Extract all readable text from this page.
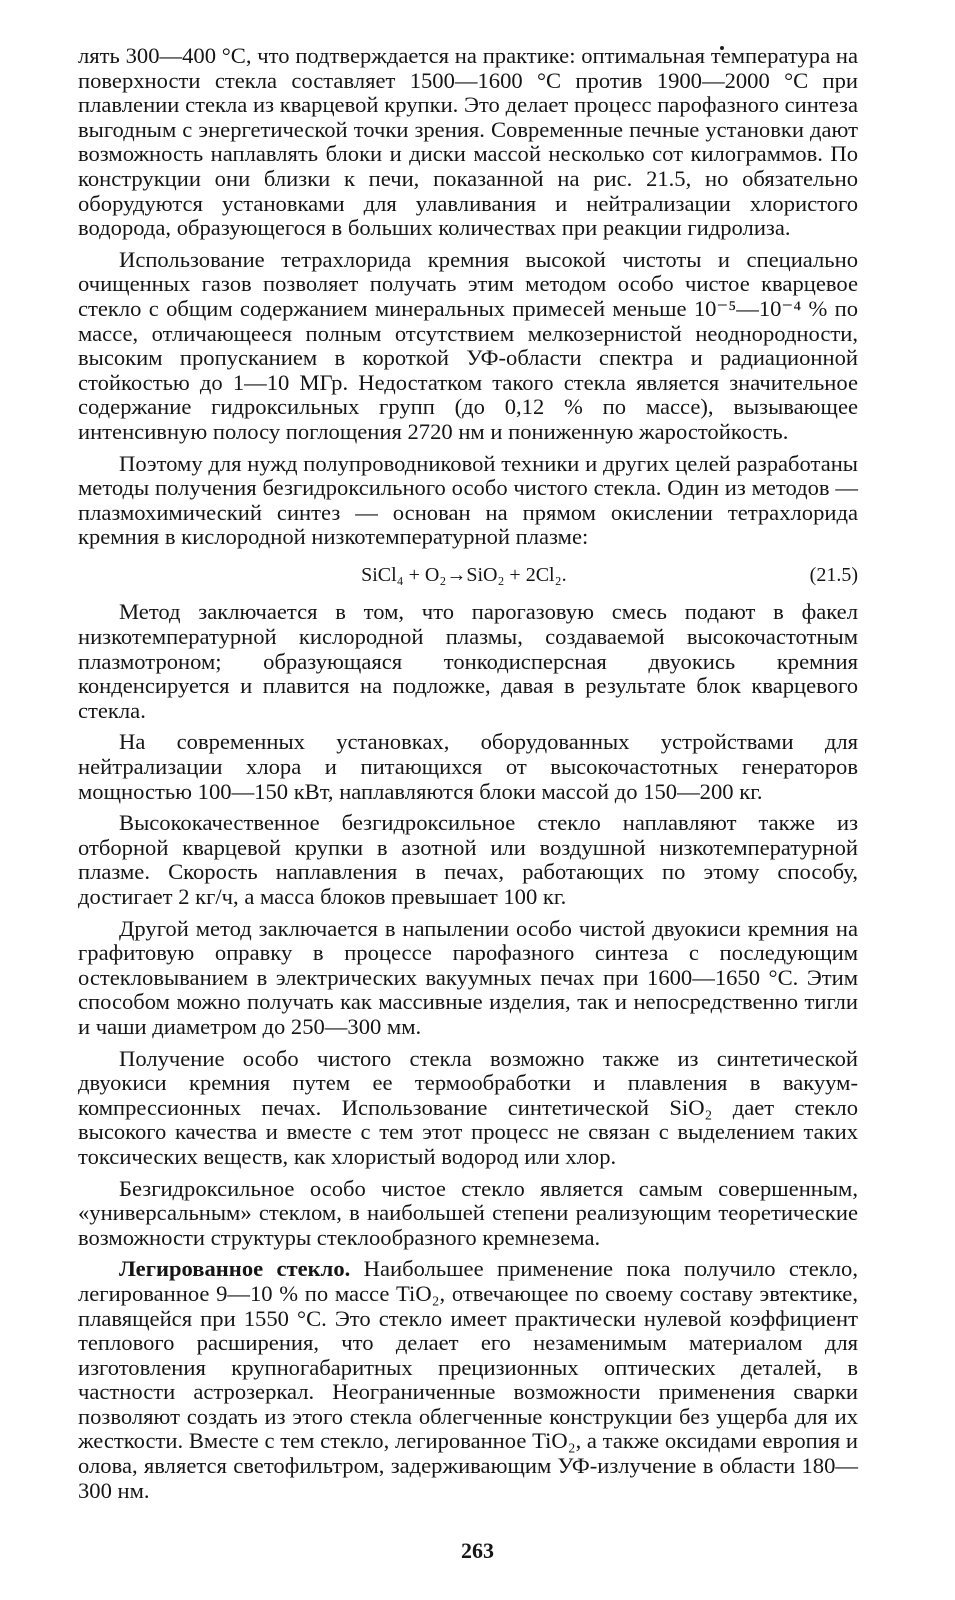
лять 300—400 °С, что подтверждается на практике: оптимальная температура на поверхности стекла составляет 1500—1600 °С против 1900—2000 °С при плавлении стекла из кварцевой крупки. Это делает процесс парофазного синтеза выгодным с энергетической точки зрения. Современные печные установки дают возможность наплавлять блоки и диски массой несколько сот килограммов. По конструкции они близки к печи, показанной на рис. 21.5, но обязательно оборудуются установками для улавливания и нейтрализации хлористого водорода, образующегося в больших количествах при реакции гидролиза.

Использование тетрахлорида кремния высокой чистоты и специально очищенных газов позволяет получать этим методом особо чистое кварцевое стекло с общим содержанием минеральных примесей меньше 10⁻⁵—10⁻⁴ % по массе, отличающееся полным отсутствием мелкозернистой неоднородности, высоким пропусканием в короткой УФ-области спектра и радиационной стойкостью до 1—10 МГр. Недостатком такого стекла является значительное содержание гидроксильных групп (до 0,12 % по массе), вызывающее интенсивную полосу поглощения 2720 нм и пониженную жаростойкость.

Поэтому для нужд полупроводниковой техники и других целей разработаны методы получения безгидроксильного особо чистого стекла. Один из методов — плазмохимический синтез — основан на прямом окислении тетрахлорида кремния в кислородной низкотемпературной плазме:

SiCl₄ + O₂→SiO₂ + 2Cl₂.	(21.5)

Метод заключается в том, что парогазовую смесь подают в факел низкотемпературной кислородной плазмы, создаваемой высокочастотным плазмотроном; образующаяся тонкодисперсная двуокись кремния конденсируется и плавится на подложке, давая в результате блок кварцевого стекла.

На современных установках, оборудованных устройствами для нейтрализации хлора и питающихся от высокочастотных генераторов мощностью 100—150 кВт, наплавляются блоки массой до 150—200 кг.

Высококачественное безгидроксильное стекло наплавляют также из отборной кварцевой крупки в азотной или воздушной низкотемпературной плазме. Скорость наплавления в печах, работающих по этому способу, достигает 2 кг/ч, а масса блоков превышает 100 кг.

Другой метод заключается в напылении особо чистой двуокиси кремния на графитовую оправку в процессе парофазного синтеза с последующим остекловыванием в электрических вакуумных печах при 1600—1650 °С. Этим способом можно получать как массивные изделия, так и непосредственно тигли и чаши диаметром до 250—300 мм.

Получение особо чистого стекла возможно также из синтетической двуокиси кремния путем ее термообработки и плавления в вакуум-компрессионных печах. Использование синтетической SiO₂ дает стекло высокого качества и вместе с тем этот процесс не связан с выделением таких токсических веществ, как хлористый водород или хлор.

Безгидроксильное особо чистое стекло является самым совершенным, «универсальным» стеклом, в наибольшей степени реализующим теоретические возможности структуры стеклообразного кремнезема.

Легированное стекло. Наибольшее применение пока получило стекло, легированное 9—10 % по массе TiO₂, отвечающее по своему составу эвтектике, плавящейся при 1550 °С. Это стекло имеет практически нулевой коэффициент теплового расширения, что делает его незаменимым материалом для изготовления крупногабаритных прецизионных оптических деталей, в частности астрозеркал. Неограниченные возможности применения сварки позволяют создать из этого стекла облегченные конструкции без ущерба для их жесткости. Вместе с тем стекло, легированное TiO₂, а также оксидами европия и олова, является светофильтром, задерживающим УФ-излучение в области 180—300 нм.

263
